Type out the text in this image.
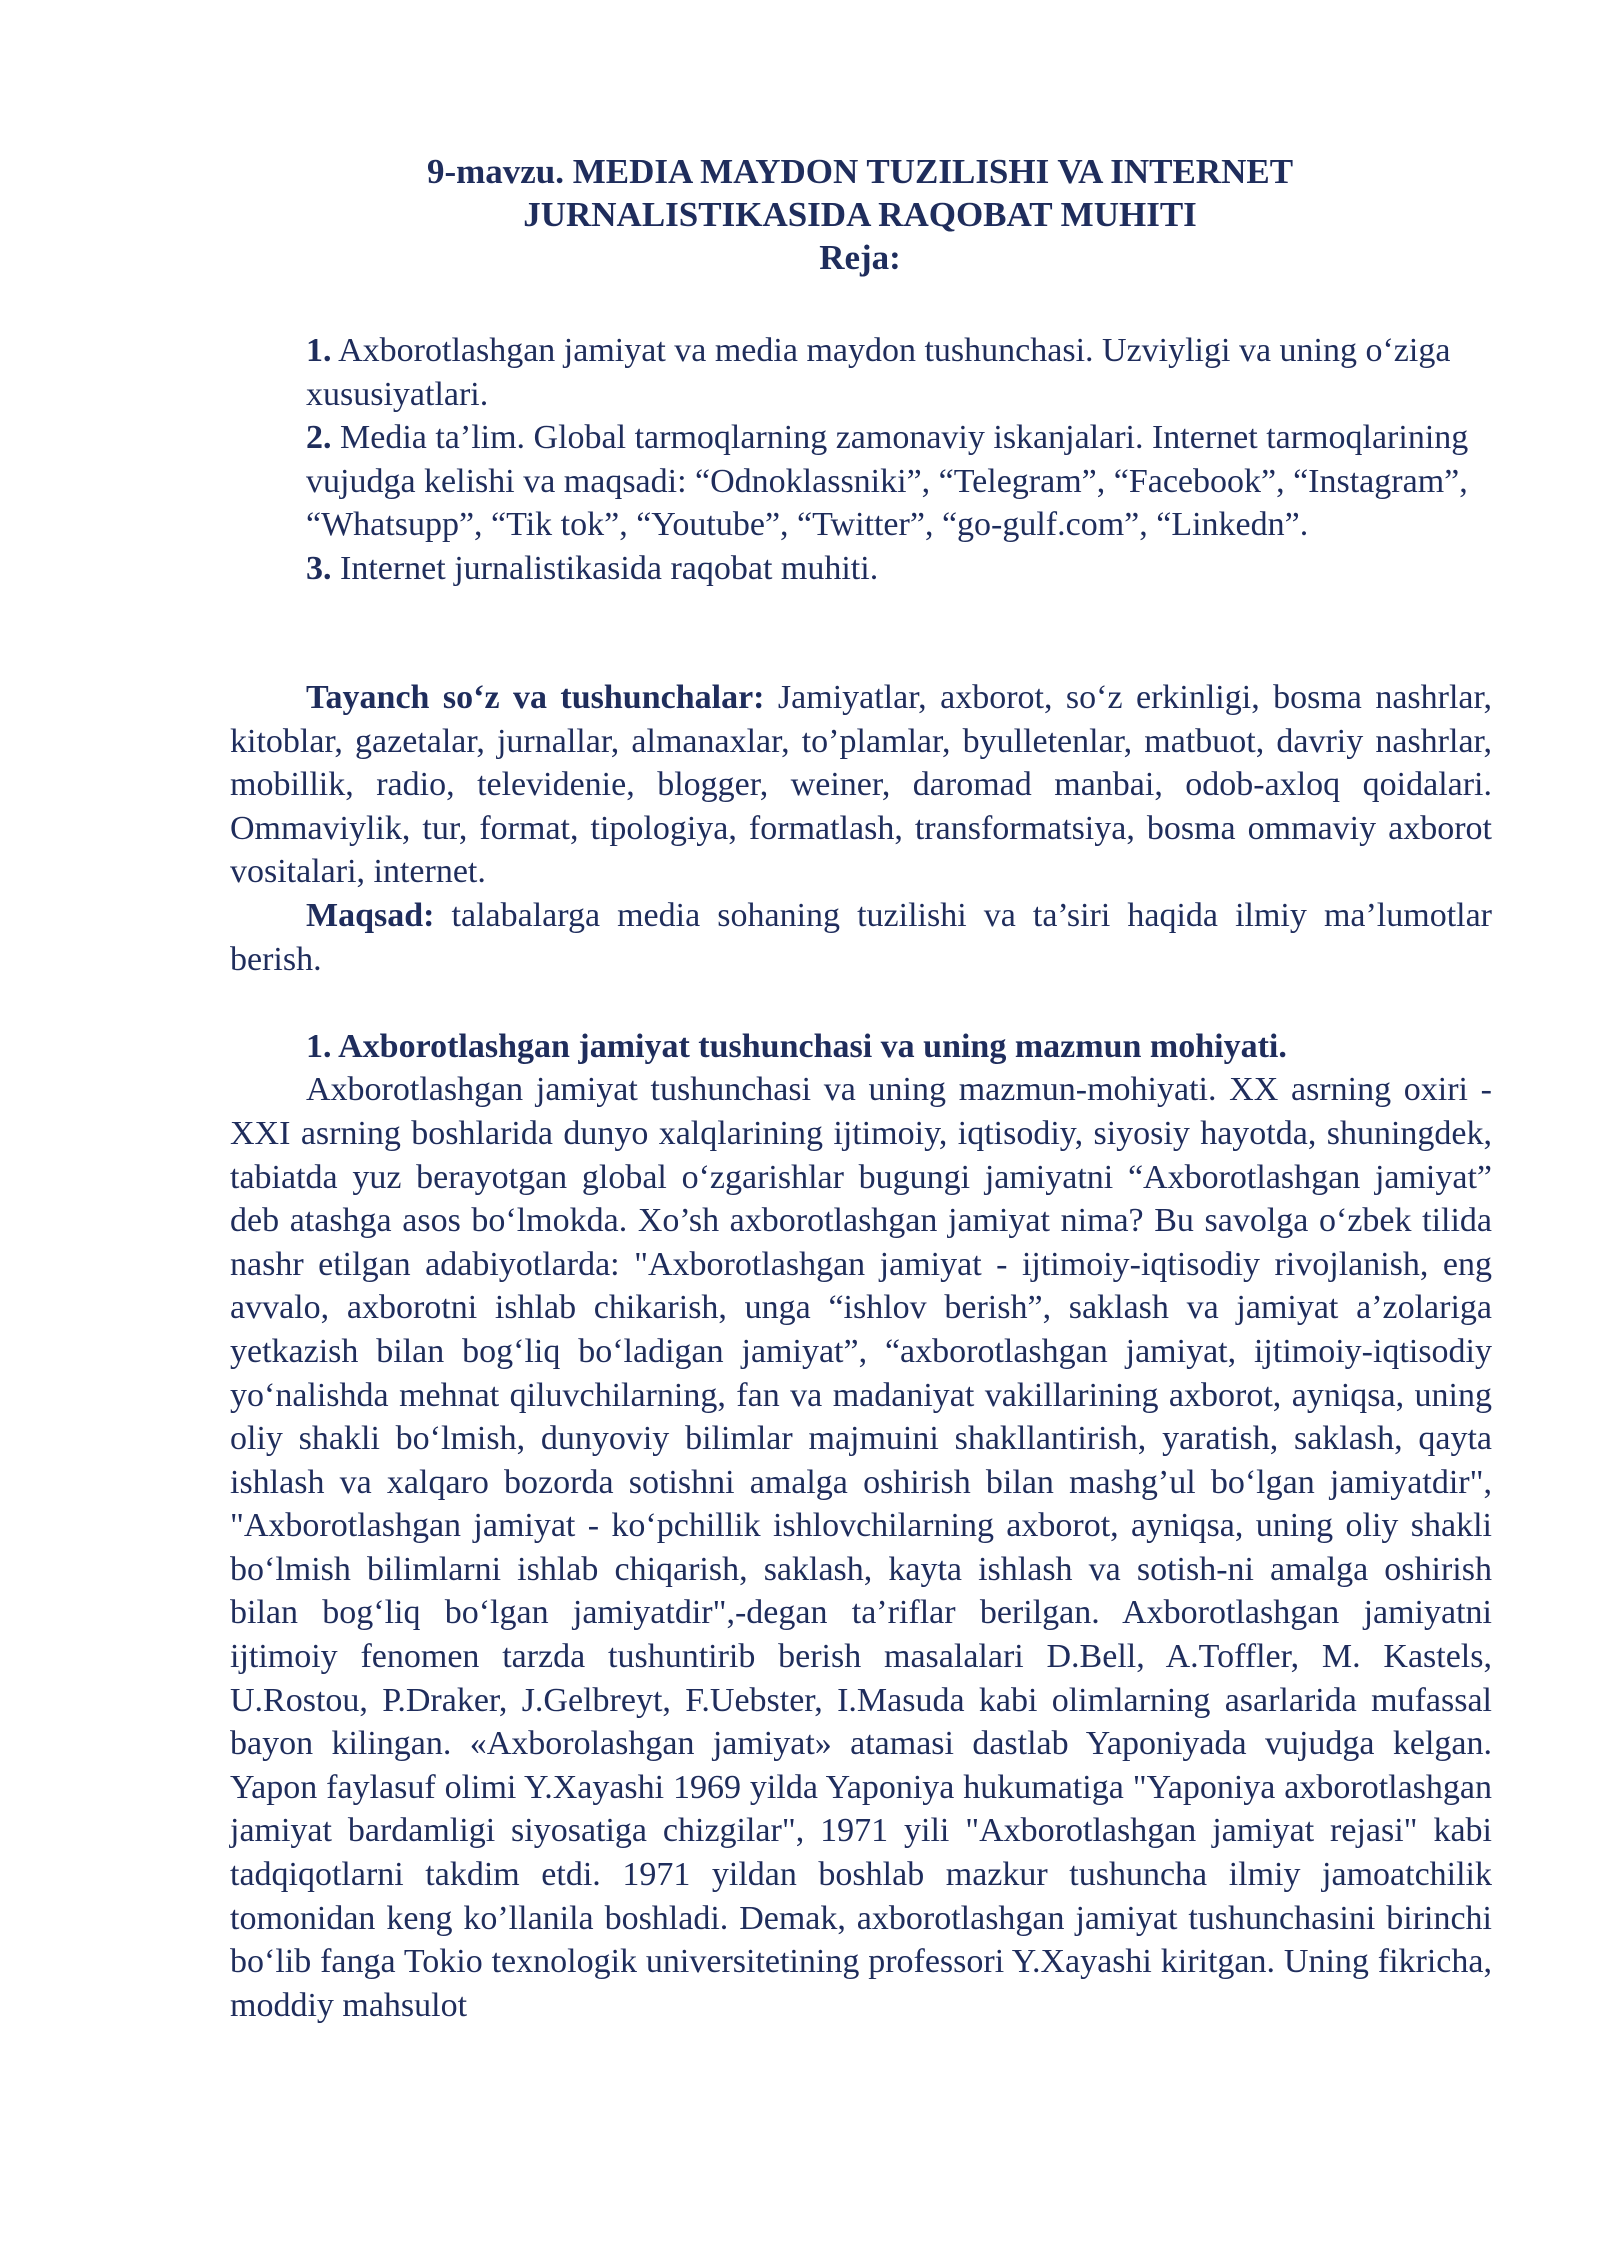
9-mavzu. MEDIA MAYDON TUZILISHI VA INTERNET
JURNALISTIKASIDA RAQOBAT MUHITI
Reja:

1. Axborotlashgan jamiyat va media maydon tushunchasi. Uzviyligi va uning o‘ziga xususiyatlari.

2. Media ta’lim. Global tarmoqlarning zamonaviy iskanjalari. Internet tarmoqlarining vujudga kelishi va maqsadi: “Odnoklassniki”, “Telegram”, “Facebook”, “Instagram”, “Whatsupp”, “Tik tok”, “Youtube”, “Twitter”, “go-gulf.com”, “Linkedn”.

3. Internet jurnalistikasida raqobat muhiti.

Tayanch so‘z va tushunchalar: Jamiyatlar, axborot, so‘z erkinligi, bosma nashrlar, kitoblar, gazetalar, jurnallar, almanaxlar, to’plamlar, byulletenlar, matbuot, davriy nashrlar, mobillik, radio, televidenie, blogger, weiner, daromad manbai, odob-axloq qoidalari. Ommaviylik, tur, format, tipologiya, formatlash, transformatsiya, bosma ommaviy axborot vositalari, internet.

Maqsad: talabalarga media sohaning tuzilishi va ta’siri haqida ilmiy ma’lumotlar berish.

1. Axborotlashgan jamiyat tushunchasi va uning mazmun mohiyati.

Axborotlashgan jamiyat tushunchasi va uning mazmun-mohiyati. XX asrning oxiri - XXI asrning boshlarida dunyo xalqlarining ijtimoiy, iqtisodiy, siyosiy hayotda, shuningdek, tabiatda yuz berayotgan global o‘zgarishlar bugungi jamiyatni “Axborotlashgan jamiyat” deb atashga asos bo‘lmokda. Xo’sh axborotlashgan jamiyat nima? Bu savolga o‘zbek tilida nashr etilgan adabiyotlarda: "Axborotlashgan jamiyat - ijtimoiy-iqtisodiy rivojlanish, eng avvalo, axborotni ishlab chikarish, unga “ishlov berish”, saklash va jamiyat a’zolariga yetkazish bilan bog‘liq bo‘ladigan jamiyat”, “axborotlashgan jamiyat, ijtimoiy-iqtisodiy yo‘nalishda mehnat qiluvchilarning, fan va madaniyat vakillarining axborot, ayniqsa, uning oliy shakli bo‘lmish, dunyoviy bilimlar majmuini shakllantirish, yaratish, saklash, qayta ishlash va xalqaro bozorda sotishni amalga oshirish bilan mashg’ul bo‘lgan jamiyatdir", "Axborotlashgan jamiyat - ko‘pchillik ishlovchilarning axborot, ayniqsa, uning oliy shakli bo‘lmish bilimlarni ishlab chiqarish, saklash, kayta ishlash va sotish-ni amalga oshirish bilan bog‘liq bo‘lgan jamiyatdir",-degan ta’riflar berilgan. Axborotlashgan jamiyatni ijtimoiy fenomen tarzda tushuntirib berish masalalari D.Bell, A.Toffler, M. Kastels, U.Rostou, P.Draker, J.Gelbreyt, F.Uebster, I.Masuda kabi olimlarning asarlarida mufassal bayon kilingan. «Axborolashgan jamiyat» atamasi dastlab Yaponiyada vujudga kelgan. Yapon faylasuf olimi Y.Xayashi 1969 yilda Yaponiya hukumatiga "Yaponiya axborotlashgan jamiyat bardamligi siyosatiga chizgilar", 1971 yili "Axborotlashgan jamiyat rejasi" kabi tadqiqotlarni takdim etdi. 1971 yildan boshlab mazkur tushuncha ilmiy jamoatchilik tomonidan keng ko’llanila boshladi. Demak, axborotlashgan jamiyat tushunchasini birinchi bo‘lib fanga Tokio texnologik universitetining professori Y.Xayashi kiritgan. Uning fikricha, moddiy mahsulot
